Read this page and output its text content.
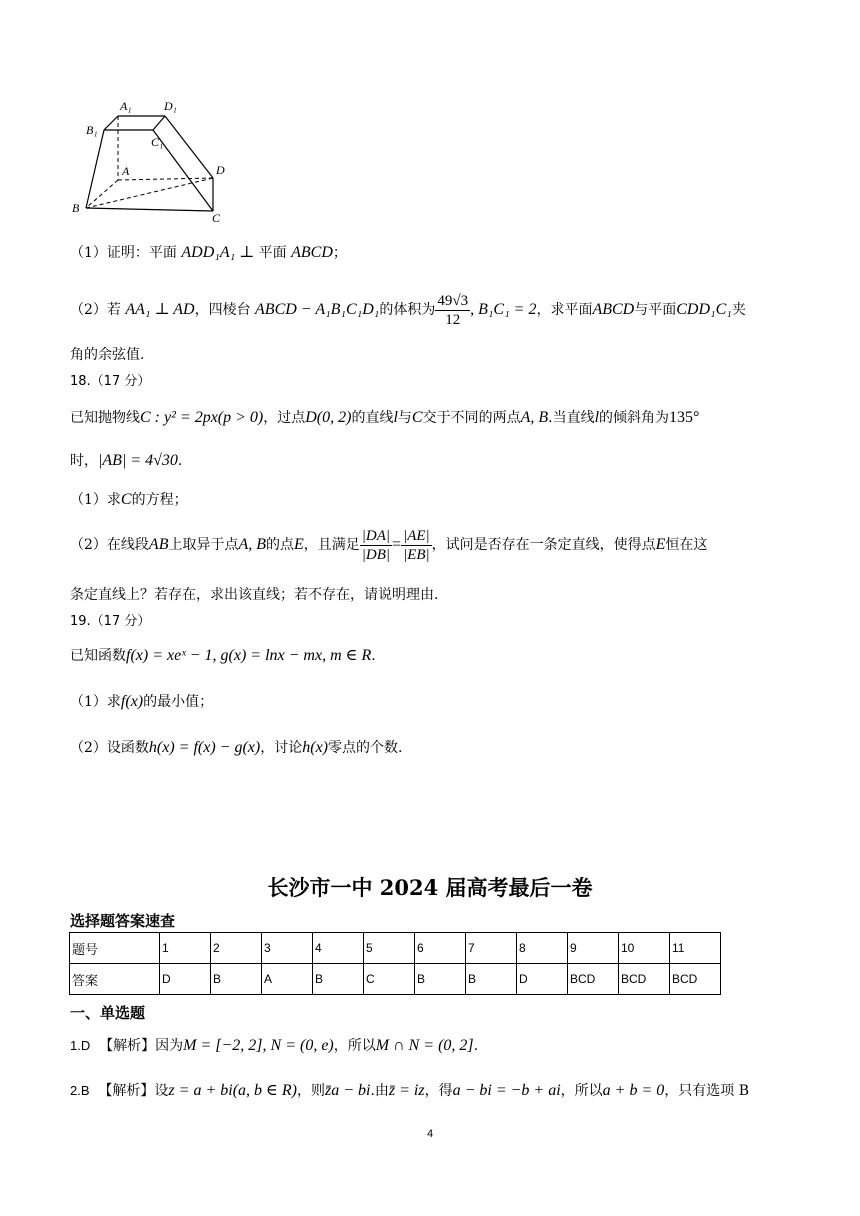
A₁	D₁
B₁
C₁
A	D
B
C
（1）证明：平面 ADD₁A₁ ⊥ 平面 ABCD；
（2）若 AA₁ ⊥ AD，四棱台 ABCD − A₁B₁C₁D₁的体积为 $\frac{49√3}{12}$ , B₁C₁ = 2，求平面ABCD与平面CDD₁C₁夹
角的余弦值.
18.（17 分）
已知抛物线C : y² = 2px(p > 0)，过点D(0, 2)的直线l与C交于不同的两点A, B.当直线l的倾斜角为135°
时，|AB| = 4√30.
（1）求C的方程；
（2）在线段AB上取异于点A, B的点E，且满足 $\frac{|DA|}{|DB|} = \frac{|AE|}{|EB|}$ ，试问是否存在一条定直线，使得点E恒在这
条定直线上？若存在，求出该直线；若不存在，请说明理由.
19.（17 分）
已知函数f(x) = xeˣ − 1, g(x) = lnx − mx, m ∈ R.
（1）求f(x)的最小值；
（2）设函数h(x) = f(x) − g(x)，讨论h(x)零点的个数.
长沙市一中 2024 届高考最后一卷
选择题答案速查
题号	1	2	3	4	5	6	7	8	9	10	11
答案	D	B	A	B	C	B	B	D	BCD	BCD	BCD
一、单选题
1.D 【解析】因为M = [−2, 2], N = (0, e)，所以M ∩ N = (0, 2].
2.B 【解析】设z = a + bi(a, b ∈ R)，则z̄a − bi.由z̄ = iz，得a − bi = −b + ai，所以a + b = 0，只有选项 B
4
